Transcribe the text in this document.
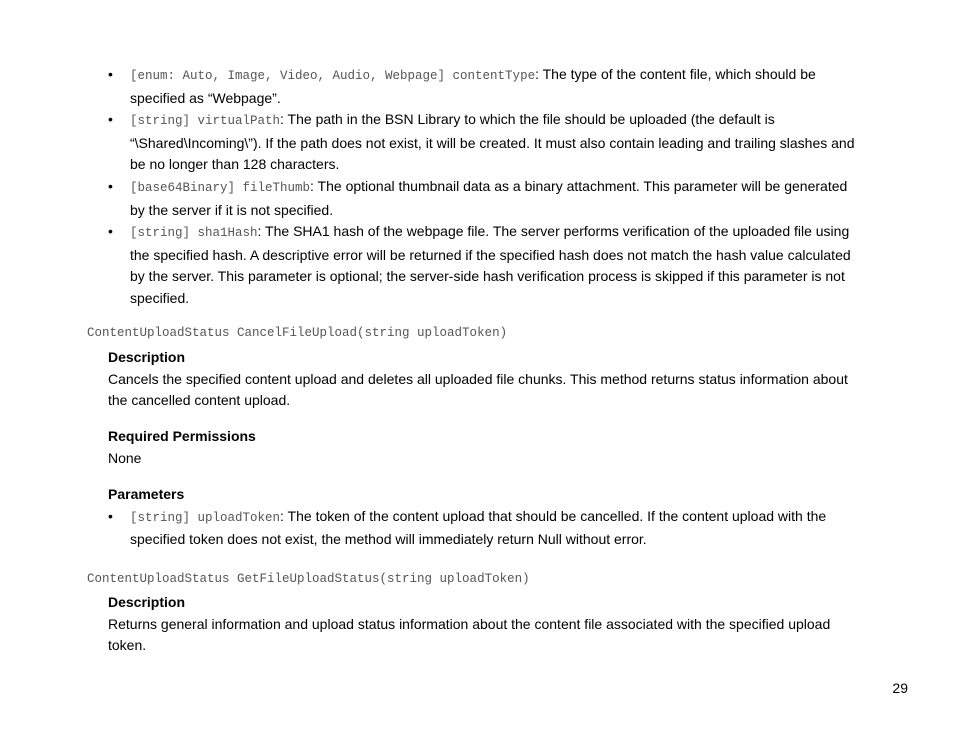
• [enum: Auto, Image, Video, Audio, Webpage] contentType: The type of the content file, which should be specified as “Webpage”.
• [string] virtualPath: The path in the BSN Library to which the file should be uploaded (the default is “\Shared\Incoming\”). If the path does not exist, it will be created. It must also contain leading and trailing slashes and be no longer than 128 characters.
• [base64Binary] fileThumb: The optional thumbnail data as a binary attachment. This parameter will be generated by the server if it is not specified.
• [string] sha1Hash: The SHA1 hash of the webpage file. The server performs verification of the uploaded file using the specified hash. A descriptive error will be returned if the specified hash does not match the hash value calculated by the server. This parameter is optional; the server-side hash verification process is skipped if this parameter is not specified.
ContentUploadStatus CancelFileUpload(string uploadToken)
Description
Cancels the specified content upload and deletes all uploaded file chunks. This method returns status information about the cancelled content upload.
Required Permissions
None
Parameters
• [string] uploadToken: The token of the content upload that should be cancelled. If the content upload with the specified token does not exist, the method will immediately return Null without error.
ContentUploadStatus GetFileUploadStatus(string uploadToken)
Description
Returns general information and upload status information about the content file associated with the specified upload token.
29
